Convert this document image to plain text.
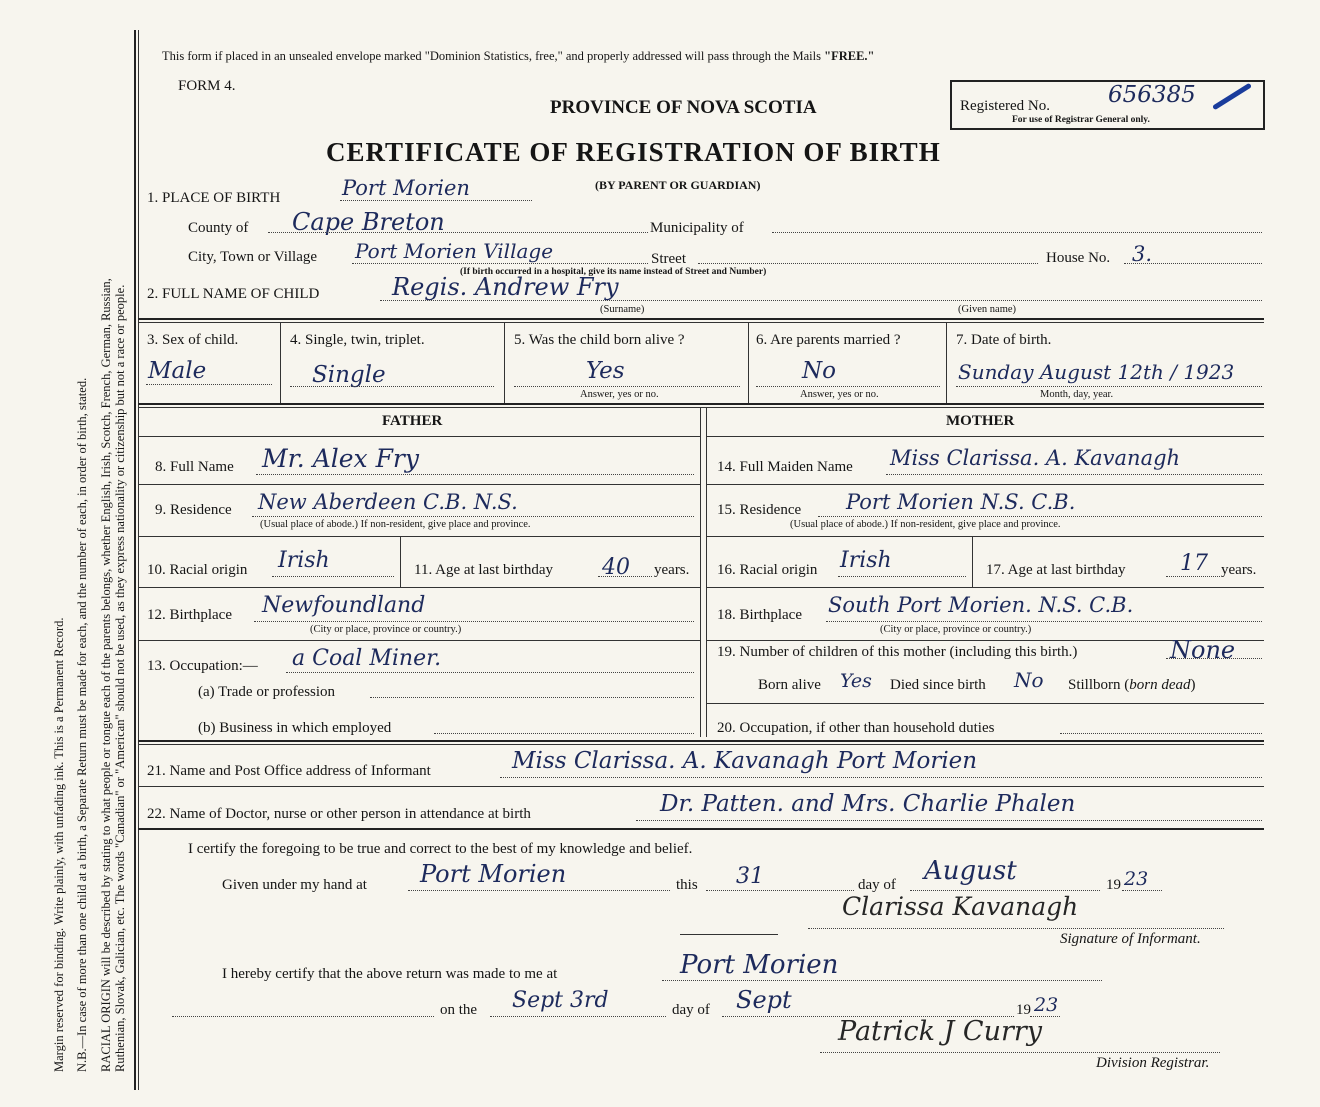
Margin reserved for binding. Write plainly, with unfading ink. This is a Permanent Record. N.B.—In case of more than one child at a birth, a Separate Return must be made for each, and the number of each, in order of birth, stated. RACIAL ORIGIN will be described by stating to what people or tongue each of the parents belongs, whether English, Irish, Scotch, French, German, Russian, Ruthenian, Slovak, Galician, etc. The words "Canadian" or "American" should not be used, as they express nationality or citizenship but not a race or people.
This form if placed in an unsealed envelope marked "Dominion Statistics, free," and properly addressed will pass through the Mails "FREE."
FORM 4.
PROVINCE OF NOVA SCOTIA
CERTIFICATE OF REGISTRATION OF BIRTH
(BY PARENT OR GUARDIAN)
Registered No.	656385
For use of Registrar General only.
1. PLACE OF BIRTH	Port Morien
County of Cape Breton	Municipality of
City, Town or Village Port Morien Village	Street	House No. 3.
(If birth occurred in a hospital, give its name instead of Street and Number)
2. FULL NAME OF CHILD	Regis. Andrew Fry
(Surname)	(Given name)
3. Sex of child.
Male
4. Single, twin, triplet.
Single
5. Was the child born alive ?
Yes
Answer, yes or no.
6. Are parents married ?
No
Answer, yes or no.
7. Date of birth.
Sunday August 12th / 1923
Month, day, year.
FATHER	MOTHER
8. Full Name Mr. Alex Fry	14. Full Maiden Name Miss Clarissa. A. Kavanagh
9. Residence New Aberdeen C.B. N.S.
(Usual place of abode.) If non-resident, give place and province.
15. Residence Port Morien N.S. C.B.
(Usual place of abode.) If non-resident, give place and province.
10. Racial origin Irish	11. Age at last birthday 40 years. 16. Racial origin Irish	17. Age at last birthday 17 years.
12. Birthplace Newfoundland
(City or place, province or country.)
18. Birthplace South Port Morien. N.S. C.B.
(City or place, province or country.)
13. Occupation:— a Coal Miner.
(a) Trade or profession
(b) Business in which employed
19. Number of children of this mother (including this birth.)	None
Born alive Yes Died since birth No Stillborn (born dead)
20. Occupation, if other than household duties
21. Name and Post Office address of Informant	Miss Clarissa. A. Kavanagh Port Morien
22. Name of Doctor, nurse or other person in attendance at birth	Dr. Patten. and Mrs. Charlie Phalen
I certify the foregoing to be true and correct to the best of my knowledge and belief.
Given under my hand at Port Morien	this 31	day of August	19 23
Clarissa Kavanagh
Signature of Informant.
I hereby certify that the above return was made to me at	Port Morien
on the Sept 3rd	day of Sept	19 23
Patrick J Curry
Division Registrar.
